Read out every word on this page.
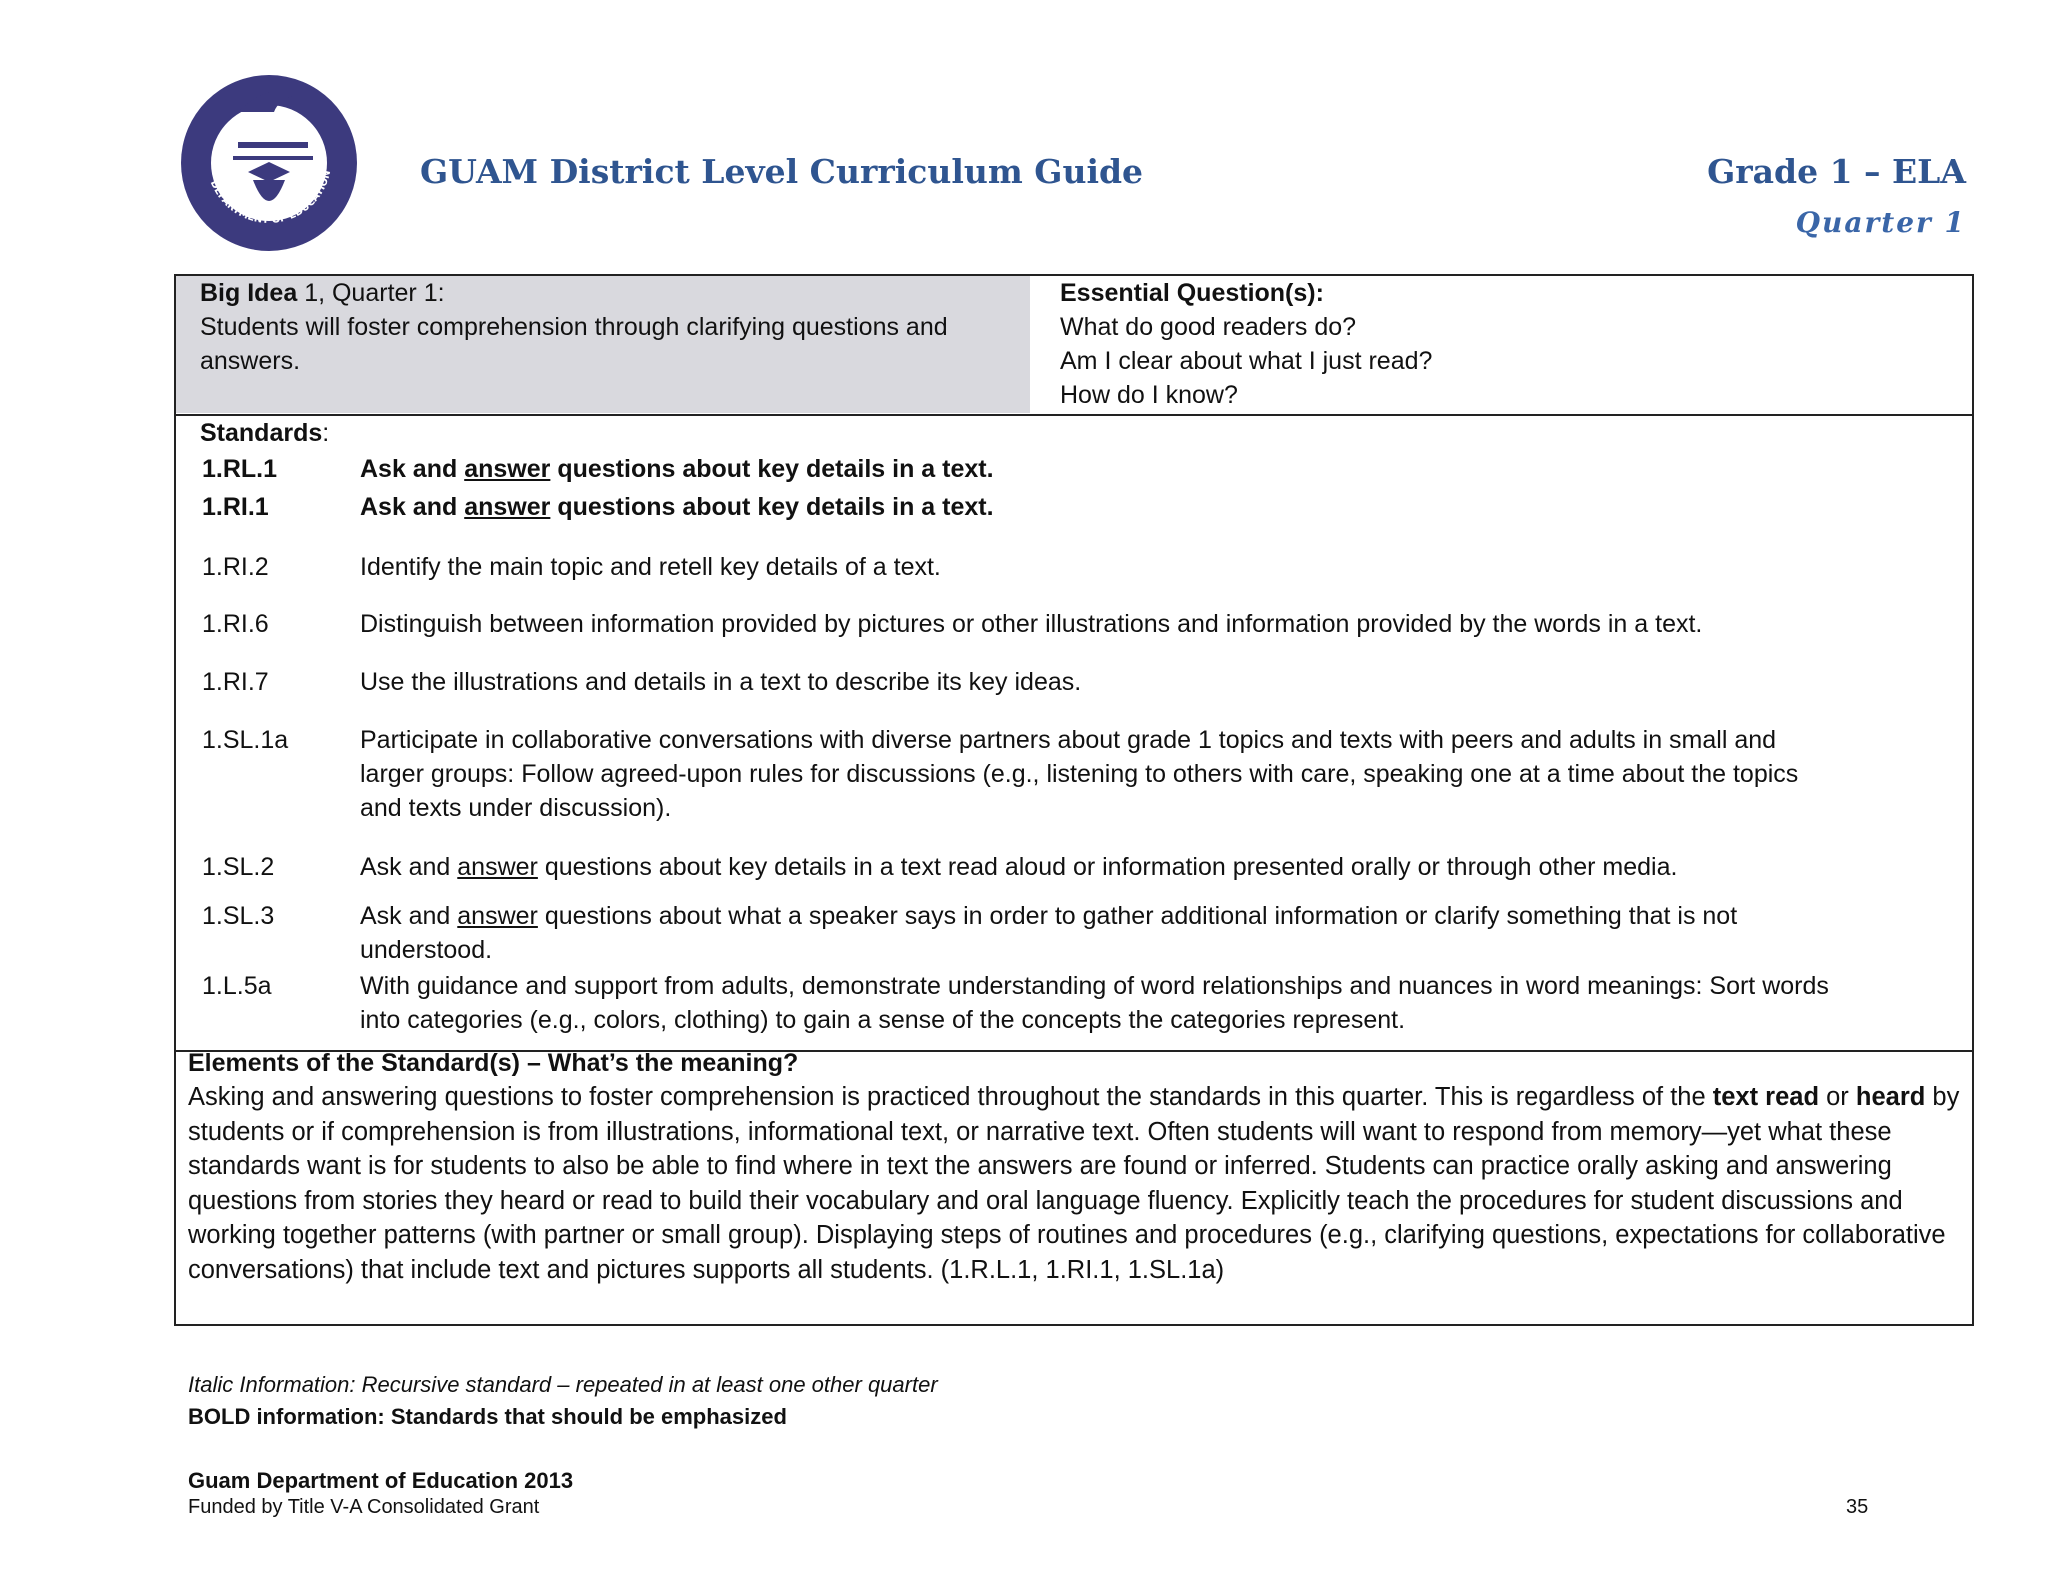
DEPARTMENT OF EDUCATION	GUAM District Level Curriculum Guide	Grade 1 – ELA
Quarter 1
Big Idea 1, Quarter 1:
Students will foster comprehension through clarifying questions and
answers.
Essential Question(s):
What do good readers do?
Am I clear about what I just read?
How do I know?
Standards:
1.RL.1	Ask and answer questions about key details in a text.
1.RI.1	Ask and answer questions about key details in a text.
1.RI.2	Identify the main topic and retell key details of a text.
1.RI.6	Distinguish between information provided by pictures or other illustrations and information provided by the words in a text.
1.RI.7	Use the illustrations and details in a text to describe its key ideas.
1.SL.1a	Participate in collaborative conversations with diverse partners about grade 1 topics and texts with peers and adults in small and
larger groups: Follow agreed-upon rules for discussions (e.g., listening to others with care, speaking one at a time about the topics
and texts under discussion).
1.SL.2	Ask and answer questions about key details in a text read aloud or information presented orally or through other media.
1.SL.3	Ask and answer questions about what a speaker says in order to gather additional information or clarify something that is not
understood.
1.L.5a	With guidance and support from adults, demonstrate understanding of word relationships and nuances in word meanings: Sort words
into categories (e.g., colors, clothing) to gain a sense of the concepts the categories represent.
Elements of the Standard(s) – What’s the meaning?
Asking and answering questions to foster comprehension is practiced throughout the standards in this quarter. This is regardless of the text read or heard by students or if comprehension is from illustrations, informational text, or narrative text. Often students will want to respond from memory—yet what these standards want is for students to also be able to find where in text the answers are found or inferred. Students can practice orally asking and answering questions from stories they heard or read to build their vocabulary and oral language fluency. Explicitly teach the procedures for student discussions and working together patterns (with partner or small group). Displaying steps of routines and procedures (e.g., clarifying questions, expectations for collaborative conversations) that include text and pictures supports all students. (1.R.L.1, 1.RI.1, 1.SL.1a)
Italic Information: Recursive standard – repeated in at least one other quarter
BOLD information: Standards that should be emphasized
Guam Department of Education 2013
Funded by Title V-A Consolidated Grant	35
